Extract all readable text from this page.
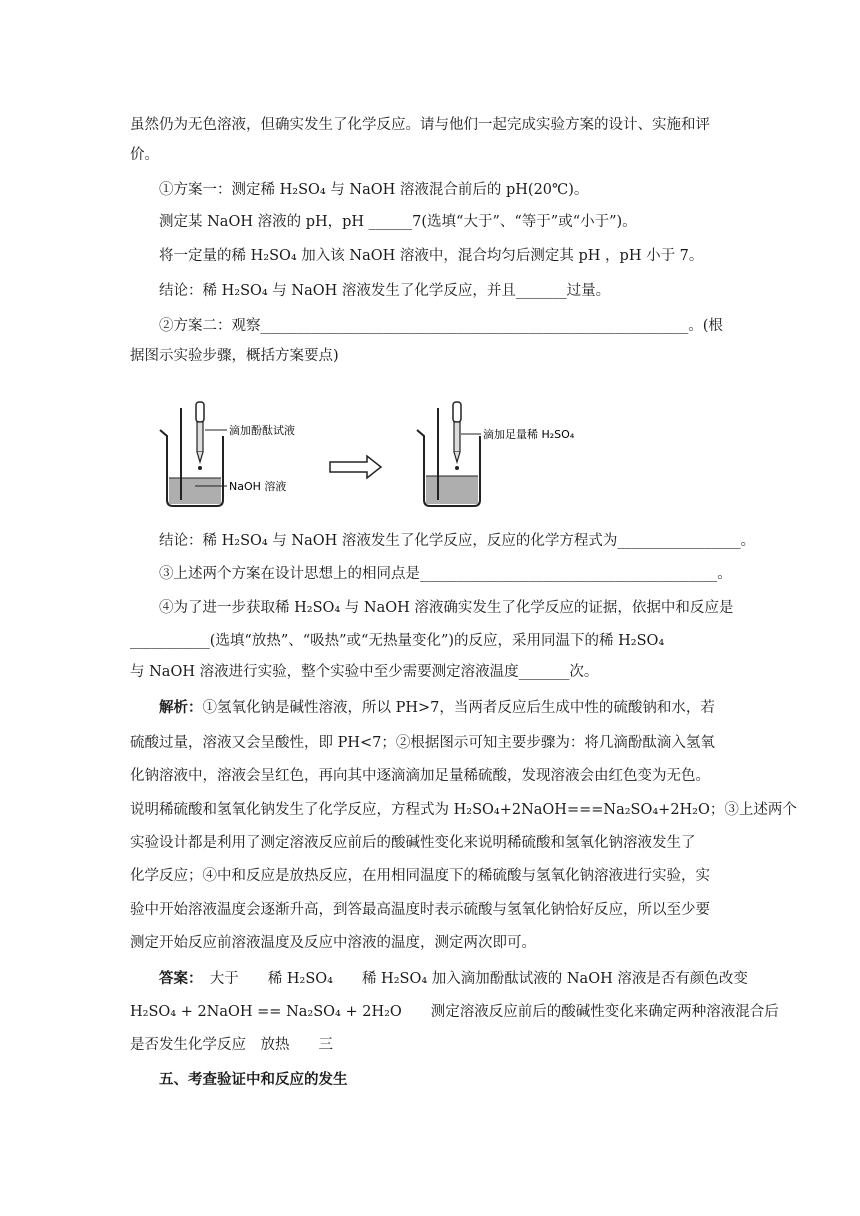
虽然仍为无色溶液，但确实发生了化学反应。请与他们一起完成实验方案的设计、实施和评
价。
①方案一：测定稀 H₂SO₄ 与 NaOH 溶液混合前后的 pH(20℃)。
测定某 NaOH 溶液的 pH，pH ______7(选填“大于”、“等于”或“小于”)。
将一定量的稀 H₂SO₄ 加入该 NaOH 溶液中，混合均匀后测定其 pH ，pH 小于 7。
结论：稀 H₂SO₄ 与 NaOH 溶液发生了化学反应，并且_______过量。
②方案二：观察___________________________________________________________。(根
据图示实验步骤，概括方案要点)
滴加酚酞试液
NaOH 溶液
滴加足量稀 H₂SO₄
结论：稀 H₂SO₄ 与 NaOH 溶液发生了化学反应，反应的化学方程式为_________________。
③上述两个方案在设计思想上的相同点是_________________________________________。
④为了进一步获取稀 H₂SO₄ 与 NaOH 溶液确实发生了化学反应的证据，依据中和反应是
___________(选填“放热”、“吸热”或“无热量变化”)的反应，采用同温下的稀 H₂SO₄
与 NaOH 溶液进行实验，整个实验中至少需要测定溶液温度_______次。
解析：①氢氧化钠是碱性溶液，所以 PH>7，当两者反应后生成中性的硫酸钠和水，若
硫酸过量，溶液又会呈酸性，即 PH<7；②根据图示可知主要步骤为：将几滴酚酞滴入氢氧
化钠溶液中，溶液会呈红色，再向其中逐滴滴加足量稀硫酸，发现溶液会由红色变为无色。
说明稀硫酸和氢氧化钠发生了化学反应，方程式为 H₂SO₄+2NaOH===Na₂SO₄+2H₂O；③上述两个
实验设计都是利用了测定溶液反应前后的酸碱性变化来说明稀硫酸和氢氧化钠溶液发生了
化学反应；④中和反应是放热反应，在用相同温度下的稀硫酸与氢氧化钠溶液进行实验，实
验中开始溶液温度会逐渐升高，到答最高温度时表示硫酸与氢氧化钠恰好反应，所以至少要
测定开始反应前溶液温度及反应中溶液的温度，测定两次即可。
答案：　 大于　　稀 H₂SO₄　　稀 H₂SO₄ 加入滴加酚酞试液的 NaOH 溶液是否有颜色改变
H₂SO₄ + 2NaOH == Na₂SO₄ + 2H₂O　　测定溶液反应前后的酸碱性变化来确定两种溶液混合后
是否发生化学反应　放热　　三
五、考查验证中和反应的发生
